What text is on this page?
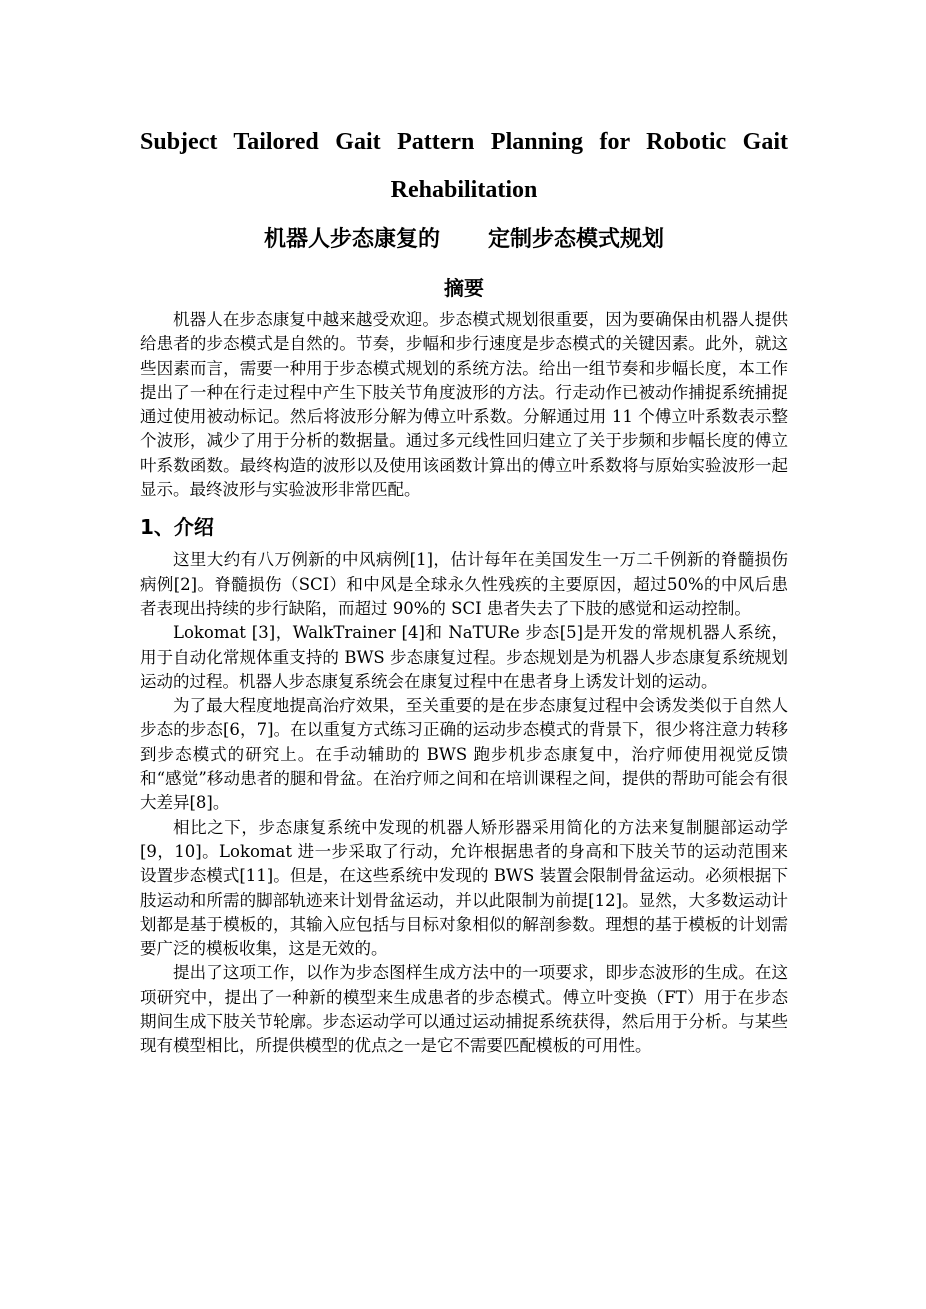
Subject Tailored Gait Pattern Planning for Robotic Gait
Rehabilitation
机器人步态康复的 定制步态模式规划
摘要

机器人在步态康复中越来越受欢迎。步态模式规划很重要，因为要确保由机器人提供给患者的步态模式是自然的。节奏，步幅和步行速度是步态模式的关键因素。此外，就这些因素而言，需要一种用于步态模式规划的系统方法。给出一组节奏和步幅长度，本工作提出了一种在行走过程中产生下肢关节角度波形的方法。行走动作已被动作捕捉系统捕捉通过使用被动标记。然后将波形分解为傅立叶系数。分解通过用 11 个傅立叶系数表示整个波形，减少了用于分析的数据量。通过多元线性回归建立了关于步频和步幅长度的傅立叶系数函数。最终构造的波形以及使用该函数计算出的傅立叶系数将与原始实验波形一起显示。最终波形与实验波形非常匹配。

1、介绍

这里大约有八万例新的中风病例[1]，估计每年在美国发生一万二千例新的脊髓损伤病例[2]。脊髓损伤（SCI）和中风是全球永久性残疾的主要原因，超过50%的中风后患者表现出持续的步行缺陷，而超过 90%的 SCI 患者失去了下肢的感觉和运动控制。

Lokomat [3]，WalkTrainer [4]和 NaTURe 步态[5]是开发的常规机器人系统，用于自动化常规体重支持的 BWS 步态康复过程。步态规划是为机器人步态康复系统规划运动的过程。机器人步态康复系统会在康复过程中在患者身上诱发计划的运动。

为了最大程度地提高治疗效果，至关重要的是在步态康复过程中会诱发类似于自然人步态的步态[6，7]。在以重复方式练习正确的运动步态模式的背景下，很少将注意力转移到步态模式的研究上。在手动辅助的 BWS 跑步机步态康复中，治疗师使用视觉反馈和“感觉”移动患者的腿和骨盆。在治疗师之间和在培训课程之间，提供的帮助可能会有很大差异[8]。

相比之下，步态康复系统中发现的机器人矫形器采用简化的方法来复制腿部运动学[9，10]。Lokomat 进一步采取了行动，允许根据患者的身高和下肢关节的运动范围来设置步态模式[11]。但是，在这些系统中发现的 BWS 装置会限制骨盆运动。必须根据下肢运动和所需的脚部轨迹来计划骨盆运动，并以此限制为前提[12]。显然，大多数运动计划都是基于模板的，其输入应包括与目标对象相似的解剖参数。理想的基于模板的计划需要广泛的模板收集，这是无效的。

提出了这项工作，以作为步态图样生成方法中的一项要求，即步态波形的生成。在这项研究中，提出了一种新的模型来生成患者的步态模式。傅立叶变换（FT）用于在步态期间生成下肢关节轮廓。步态运动学可以通过运动捕捉系统获得，然后用于分析。与某些现有模型相比，所提供模型的优点之一是它不需要匹配模板的可用性。
